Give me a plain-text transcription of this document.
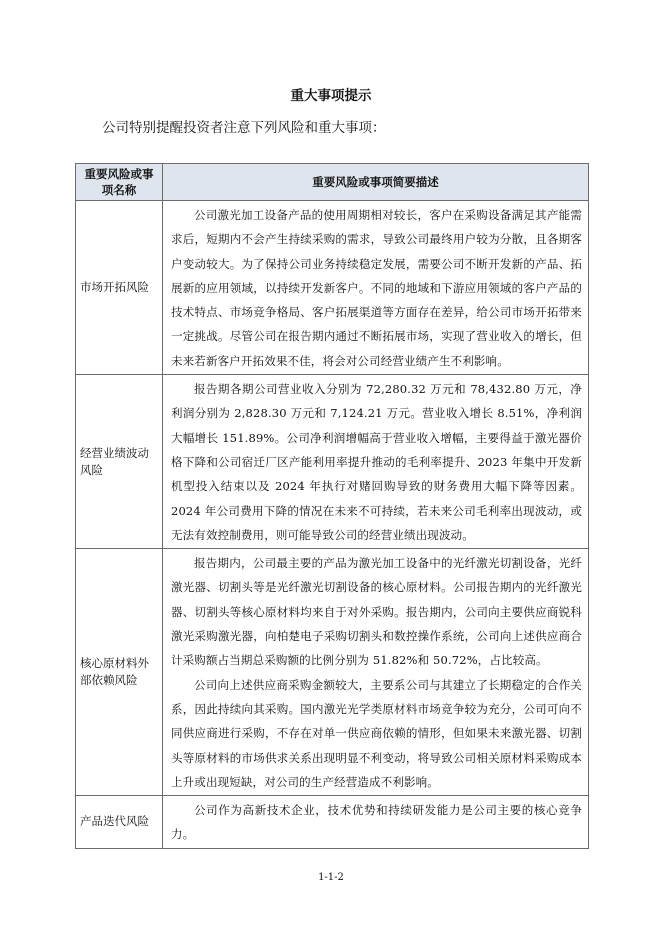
重大事项提示
公司特别提醒投资者注意下列风险和重大事项：
重要风险或事项名称	重要风险或事项简要描述
市场开拓风险	公司激光加工设备产品的使用周期相对较长，客户在采购设备满足其产能需求后，短期内不会产生持续采购的需求，导致公司最终用户较为分散，且各期客户变动较大。为了保持公司业务持续稳定发展，需要公司不断开发新的产品、拓展新的应用领域，以持续开发新客户。不同的地域和下游应用领域的客户产品的技术特点、市场竞争格局、客户拓展渠道等方面存在差异，给公司市场开拓带来一定挑战。尽管公司在报告期内通过不断拓展市场，实现了营业收入的增长，但未来若新客户开拓效果不佳，将会对公司经营业绩产生不利影响。

经营业绩波动风险	报告期各期公司营业收入分别为 72,280.32 万元和 78,432.80 万元，净利润分别为 2,828.30 万元和 7,124.21 万元。营业收入增长 8.51%，净利润大幅增长 151.89%。公司净利润增幅高于营业收入增幅，主要得益于激光器价格下降和公司宿迁厂区产能利用率提升推动的毛利率提升、2023 年集中开发新机型投入结束以及 2024 年执行对赌回购导致的财务费用大幅下降等因素。2024 年公司费用下降的情况在未来不可持续，若未来公司毛利率出现波动，或无法有效控制费用，则可能导致公司的经营业绩出现波动。

核心原材料外部依赖风险	报告期内，公司最主要的产品为激光加工设备中的光纤激光切割设备，光纤激光器、切割头等是光纤激光切割设备的核心原材料。公司报告期内的光纤激光器、切割头等核心原材料均来自于对外采购。报告期内，公司向主要供应商锐科激光采购激光器，向柏楚电子采购切割头和数控操作系统，公司向上述供应商合计采购额占当期总采购额的比例分别为 51.82%和 50.72%，占比较高。

公司向上述供应商采购金额较大，主要系公司与其建立了长期稳定的合作关系，因此持续向其采购。国内激光光学类原材料市场竞争较为充分，公司可向不同供应商进行采购，不存在对单一供应商依赖的情形，但如果未来激光器、切割头等原材料的市场供求关系出现明显不利变动，将导致公司相关原材料采购成本上升或出现短缺，对公司的生产经营造成不利影响。

产品迭代风险	公司作为高新技术企业，技术优势和持续研发能力是公司主要的核心竞争力。

1-1-2
